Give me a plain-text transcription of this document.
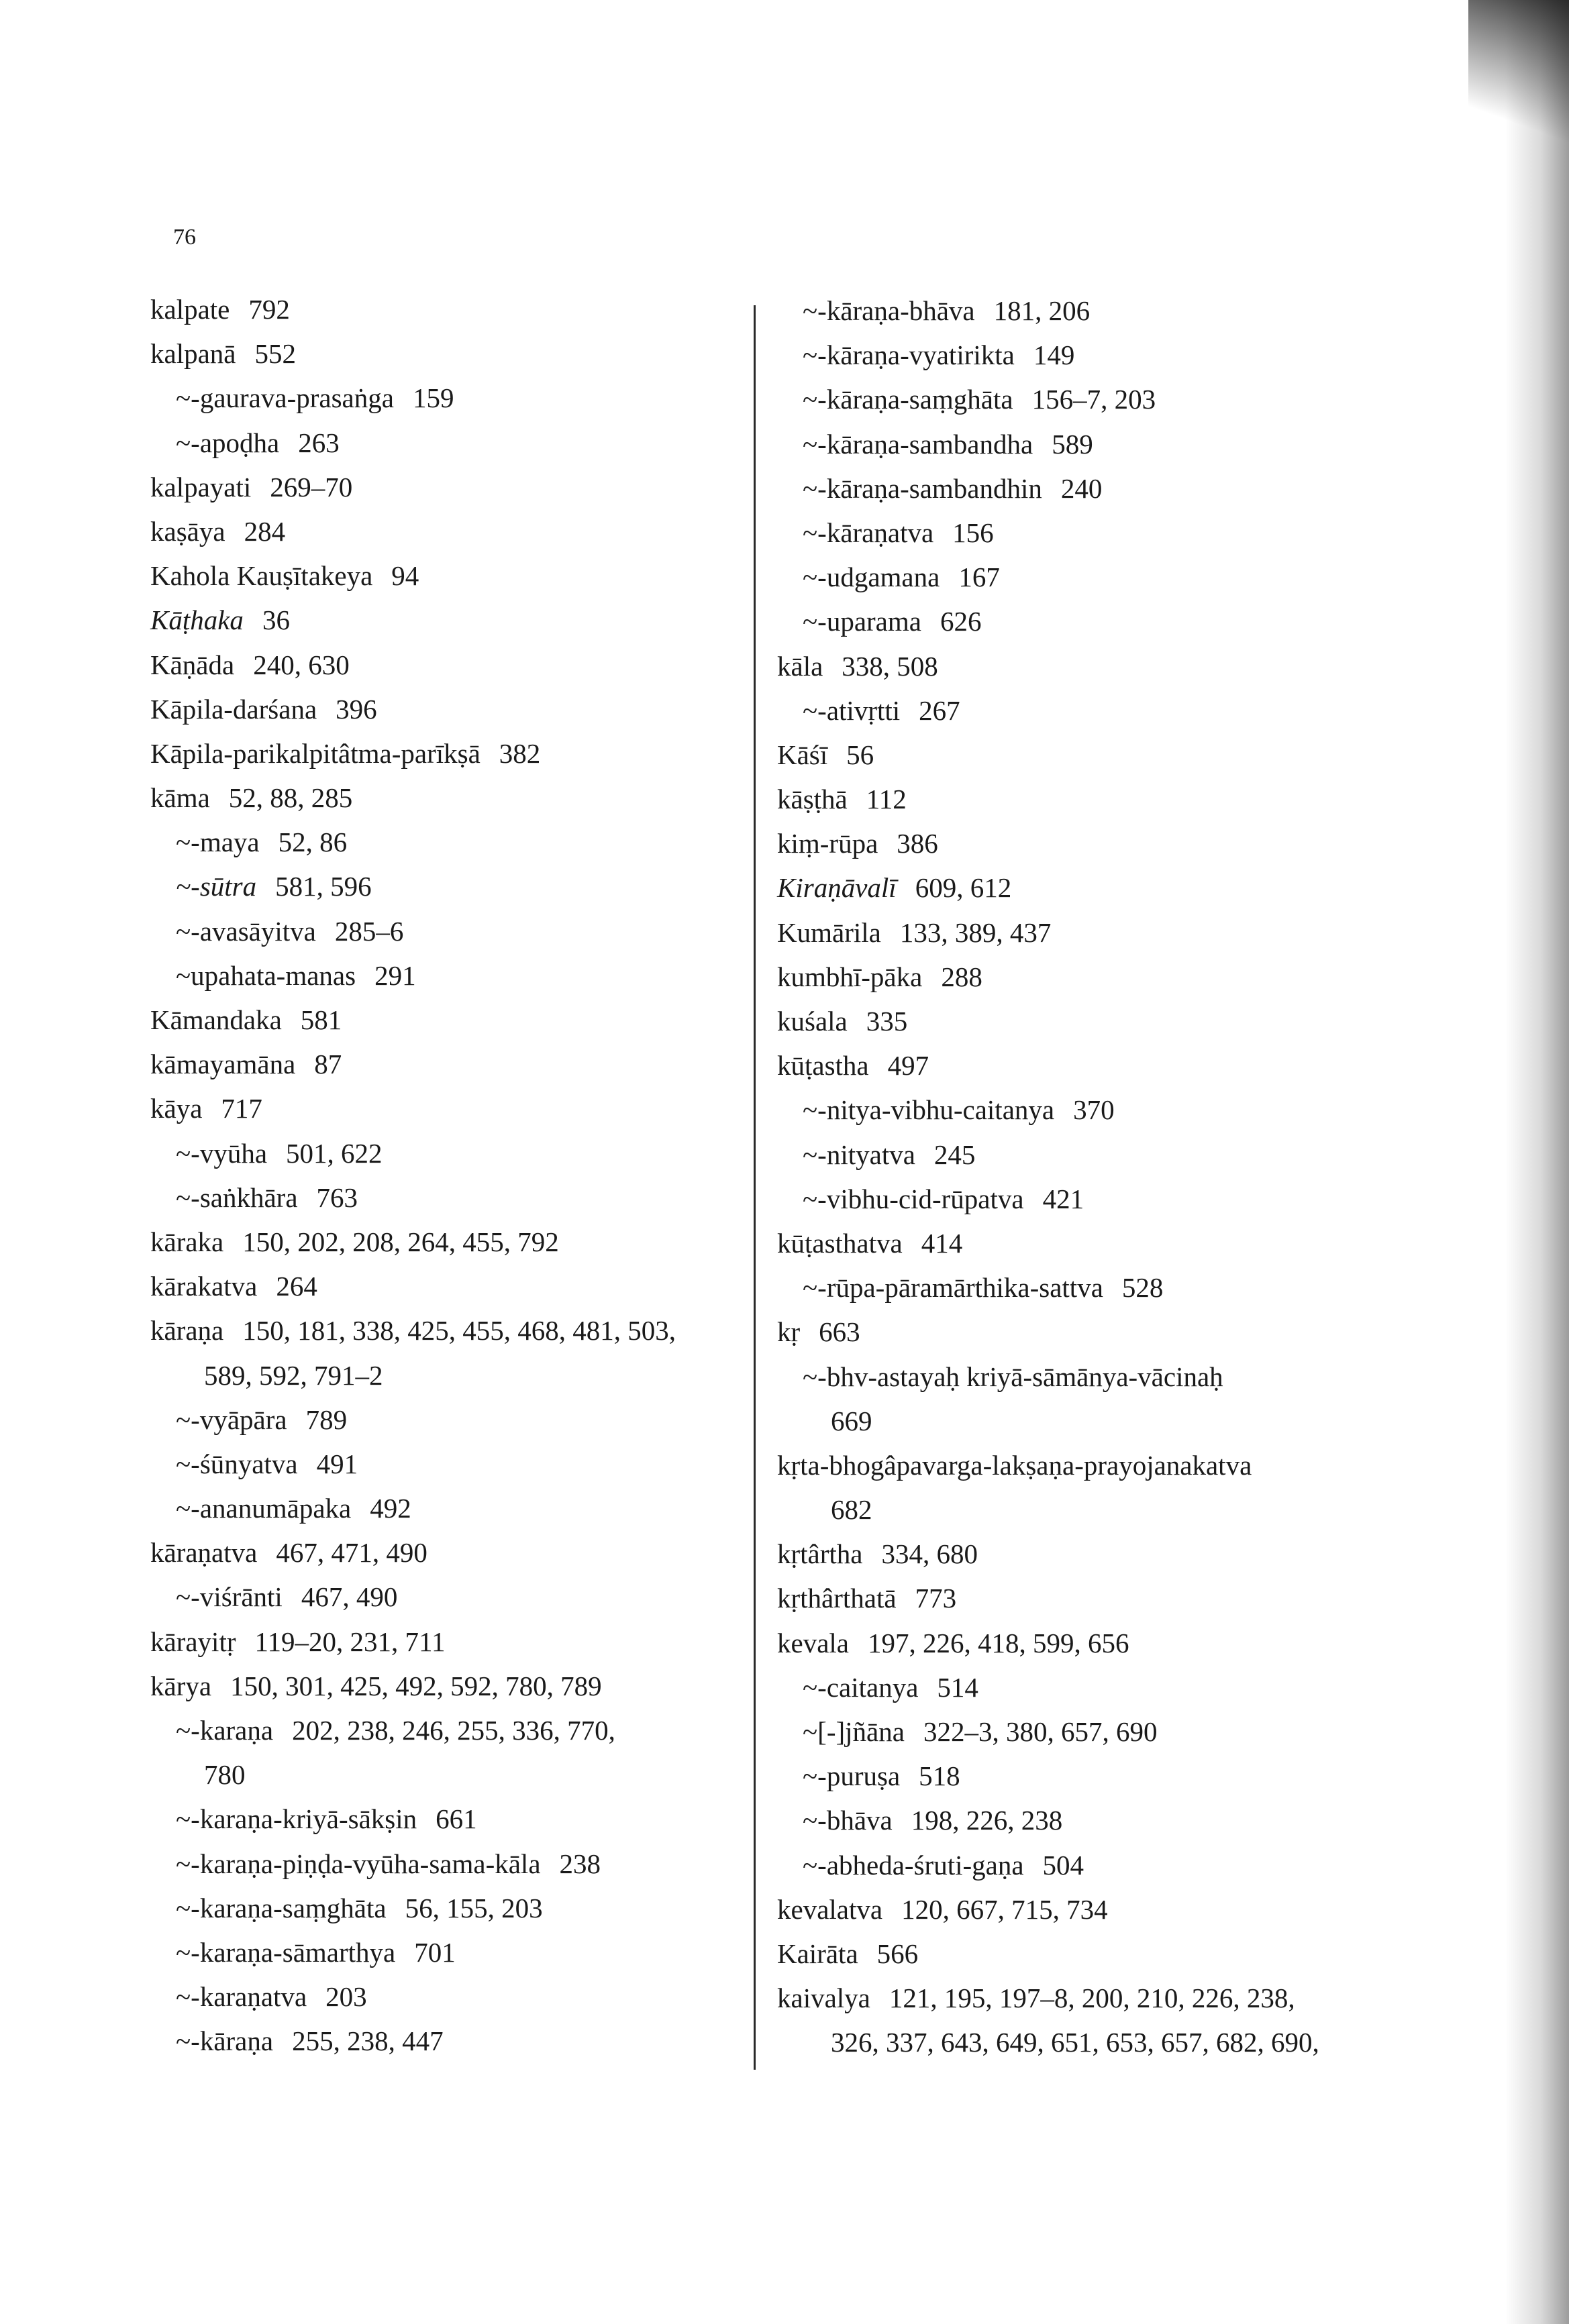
76
kalpate 792
kalpanā 552
~-gaurava-prasaṅga 159
~-apoḍha 263
kalpayati 269–70
kaṣāya 284
Kahola Kauṣītakeya 94
Kāṭhaka 36
Kāṇāda 240, 630
Kāpila-darśana 396
Kāpila-parikalpitâtma-parīkṣā 382
kāma 52, 88, 285
~-maya 52, 86
~-sūtra 581, 596
~-avasāyitva 285–6
~upahata-manas 291
Kāmandaka 581
kāmayamāna 87
kāya 717
~-vyūha 501, 622
~-saṅkhāra 763
kāraka 150, 202, 208, 264, 455, 792
kārakatva 264
kāraṇa 150, 181, 338, 425, 455, 468, 481, 503,
589, 592, 791–2
~-vyāpāra 789
~-śūnyatva 491
~-ananumāpaka 492
kāraṇatva 467, 471, 490
~-viśrānti 467, 490
kārayitṛ 119–20, 231, 711
kārya 150, 301, 425, 492, 592, 780, 789
~-karaṇa 202, 238, 246, 255, 336, 770,
780
~-karaṇa-kriyā-sākṣin 661
~-karaṇa-piṇḍa-vyūha-sama-kāla 238
~-karaṇa-saṃghāta 56, 155, 203
~-karaṇa-sāmarthya 701
~-karaṇatva 203
~-kāraṇa 255, 238, 447
~-kāraṇa-bhāva 181, 206
~-kāraṇa-vyatirikta 149
~-kāraṇa-saṃghāta 156–7, 203
~-kāraṇa-sambandha 589
~-kāraṇa-sambandhin 240
~-kāraṇatva 156
~-udgamana 167
~-uparama 626
kāla 338, 508
~-ativṛtti 267
Kāśī 56
kāṣṭhā 112
kiṃ-rūpa 386
Kiraṇāvalī 609, 612
Kumārila 133, 389, 437
kumbhī-pāka 288
kuśala 335
kūṭastha 497
~-nitya-vibhu-caitanya 370
~-nityatva 245
~-vibhu-cid-rūpatva 421
kūṭasthatva 414
~-rūpa-pāramārthika-sattva 528
kṛ 663
~-bhv-astayaḥ kriyā-sāmānya-vācinaḥ
669
kṛta-bhogâpavarga-lakṣaṇa-prayojanakatva
682
kṛtârtha 334, 680
kṛthârthatā 773
kevala 197, 226, 418, 599, 656
~-caitanya 514
~[-]jñāna 322–3, 380, 657, 690
~-puruṣa 518
~-bhāva 198, 226, 238
~-abheda-śruti-gaṇa 504
kevalatva 120, 667, 715, 734
Kairāta 566
kaivalya 121, 195, 197–8, 200, 210, 226, 238,
326, 337, 643, 649, 651, 653, 657, 682, 690,
